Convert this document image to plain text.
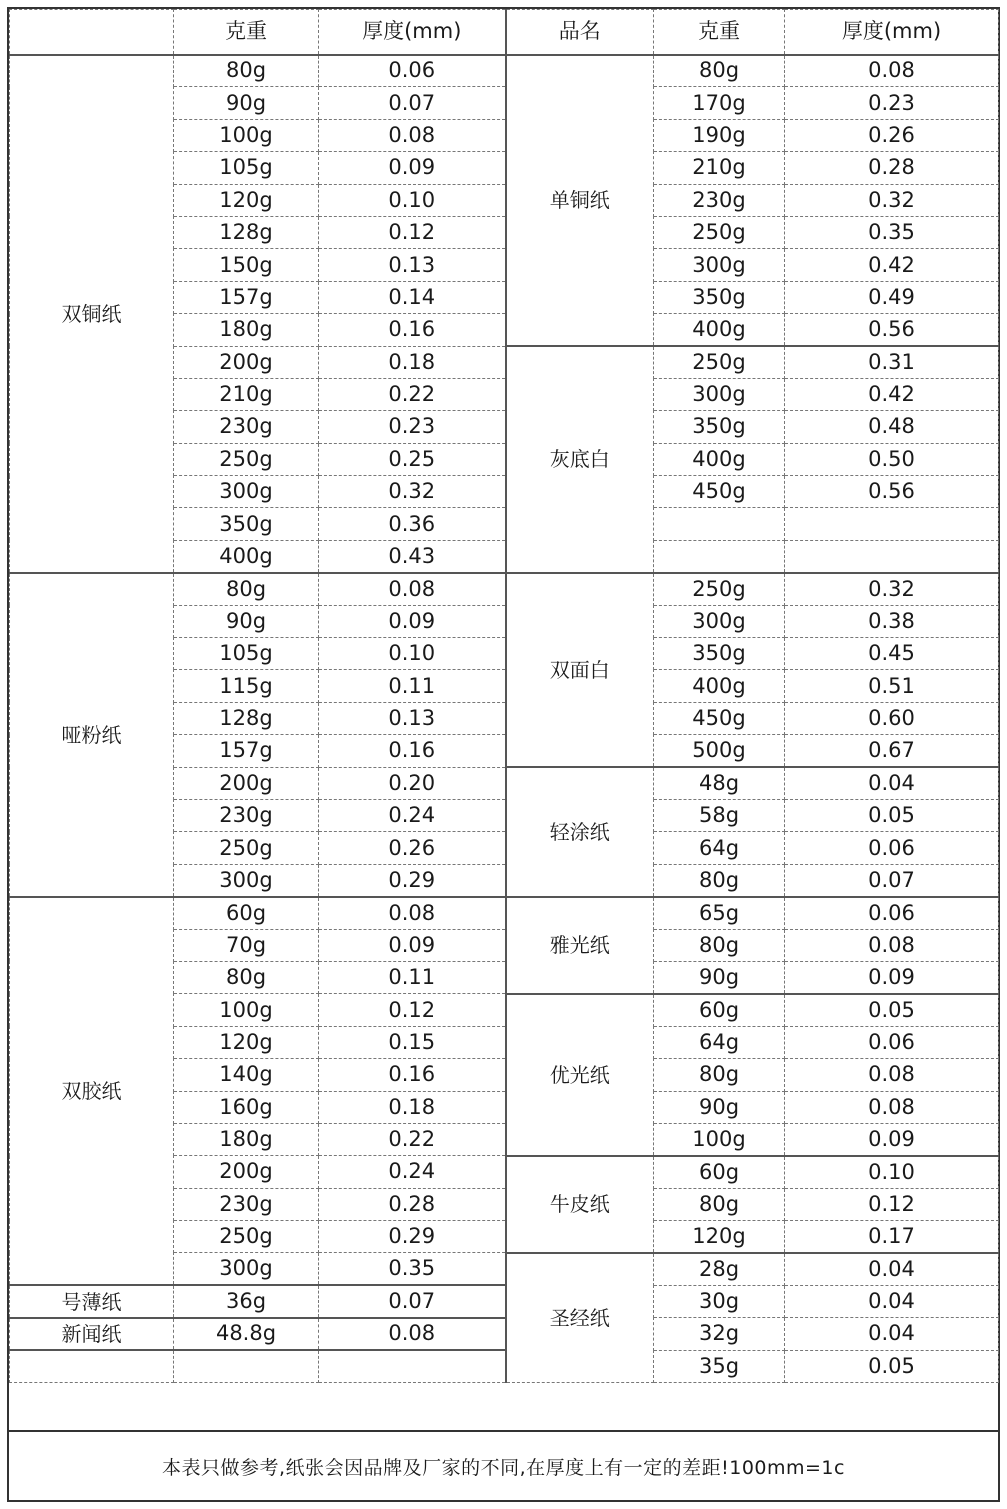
	克重	厚度(mm)	品名	克重	厚度(mm)
双铜纸	80g	0.06	单铜纸	80g	0.08
	90g	0.07		170g	0.23
	100g	0.08		190g	0.26
	105g	0.09		210g	0.28
	120g	0.10		230g	0.32
	128g	0.12		250g	0.35
	150g	0.13		300g	0.42
	157g	0.14		350g	0.49
	180g	0.16		400g	0.56
	200g	0.18	灰底白	250g	0.31
	210g	0.22		300g	0.42
	230g	0.23		350g	0.48
	250g	0.25		400g	0.50
	300g	0.32		450g	0.56
	350g	0.36			
	400g	0.43			
哑粉纸	80g	0.08	双面白	250g	0.32
	90g	0.09		300g	0.38
	105g	0.10		350g	0.45
	115g	0.11		400g	0.51
	128g	0.13		450g	0.60
	157g	0.16		500g	0.67
	200g	0.20	轻涂纸	48g	0.04
	230g	0.24		58g	0.05
	250g	0.26		64g	0.06
	300g	0.29		80g	0.07
双胶纸	60g	0.08	雅光纸	65g	0.06
	70g	0.09		80g	0.08
	80g	0.11		90g	0.09
	100g	0.12	优光纸	60g	0.05
	120g	0.15		64g	0.06
	140g	0.16		80g	0.08
	160g	0.18		90g	0.08
	180g	0.22		100g	0.09
	200g	0.24	牛皮纸	60g	0.10
	230g	0.28		80g	0.12
	250g	0.29		120g	0.17
	300g	0.35	圣经纸	28g	0.04
号薄纸	36g	0.07		30g	0.04
新闻纸	48.8g	0.08		32g	0.04
				35g	0.05
本表只做参考,纸张会因品牌及厂家的不同,在厚度上有一定的差距!100mm=1c
